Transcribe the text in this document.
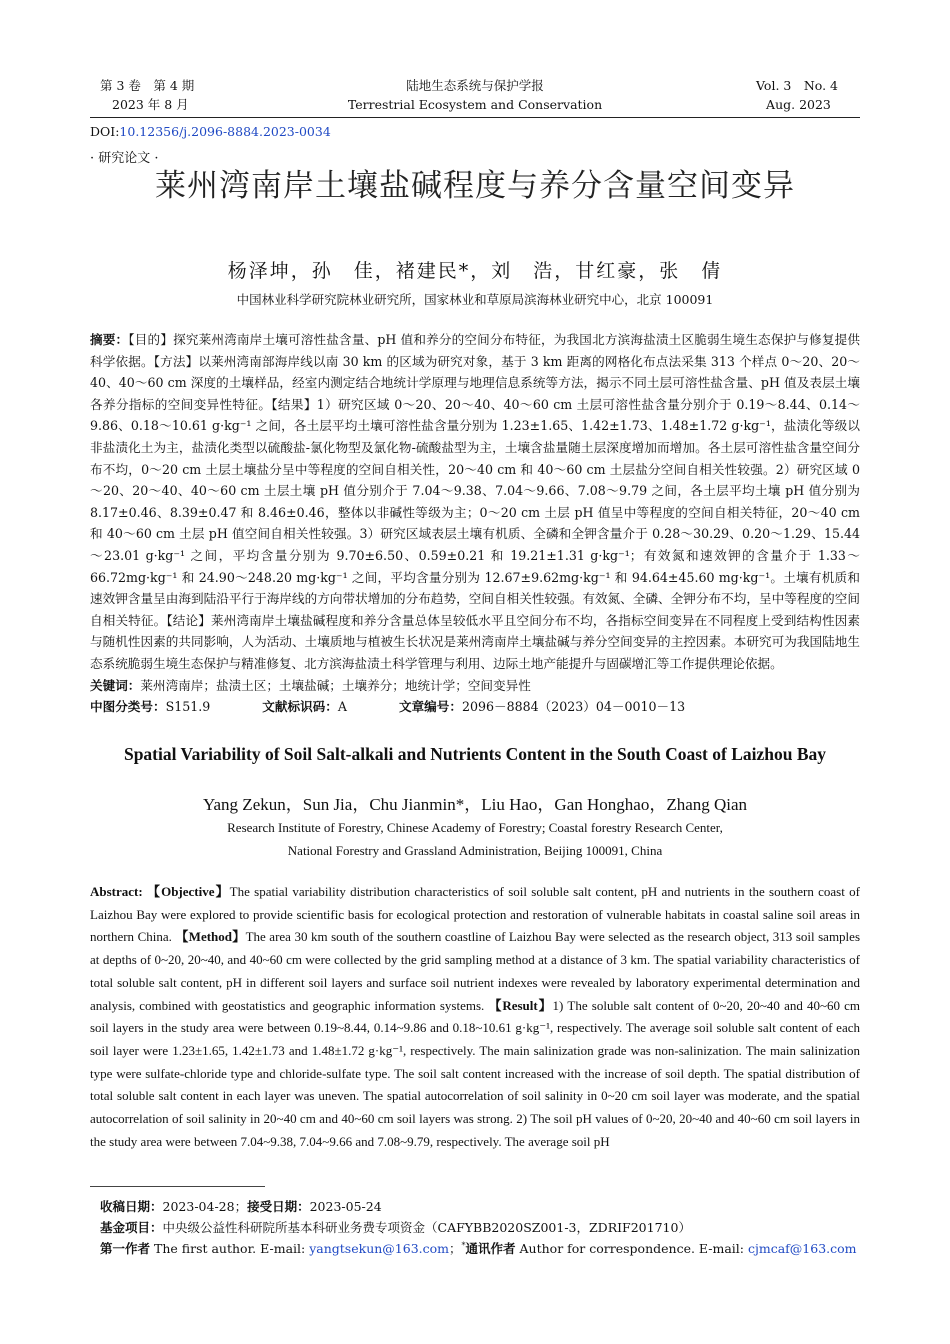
第 3 卷　第 4 期
2023 年 8 月
陆地生态系统与保护学报
Terrestrial Ecosystem and Conservation
Vol. 3　No. 4
Aug. 2023
DOI:10.12356/j.2096-8884.2023-0034
· 研究论文 ·
莱州湾南岸土壤盐碱程度与养分含量空间变异
杨泽坤，孙　佳，褚建民*，刘　浩，甘红豪，张　倩
中国林业科学研究院林业研究所，国家林业和草原局滨海林业研究中心，北京 100091

摘要：【目的】探究莱州湾南岸土壤可溶性盐含量、pH 值和养分的空间分布特征，为我国北方滨海盐渍土区脆弱生境生态保护与修复提供科学依据。【方法】以莱州湾南部海岸线以南 30 km 的区域为研究对象，基于 3 km 距离的网格化布点法采集 313 个样点 0～20、20～40、40～60 cm 深度的土壤样品，经室内测定结合地统计学原理与地理信息系统等方法，揭示不同土层可溶性盐含量、pH 值及表层土壤各养分指标的空间变异性特征。【结果】1）研究区域 0～20、20～40、40～60 cm 土层可溶性盐含量分别介于 0.19～8.44、0.14～9.86、0.18～10.61 g·kg⁻¹ 之间，各土层平均土壤可溶性盐含量分别为 1.23±1.65、1.42±1.73、1.48±1.72 g·kg⁻¹，盐渍化等级以非盐渍化土为主，盐渍化类型以硫酸盐-氯化物型及氯化物-硫酸盐型为主，土壤含盐量随土层深度增加而增加。各土层可溶性盐含量空间分布不均，0～20 cm 土层土壤盐分呈中等程度的空间自相关性，20～40 cm 和 40～60 cm 土层盐分空间自相关性较强。2）研究区域 0～20、20～40、40～60 cm 土层土壤 pH 值分别介于 7.04～9.38、7.04～9.66、7.08～9.79 之间，各土层平均土壤 pH 值分别为 8.17±0.46、8.39±0.47 和 8.46±0.46，整体以非碱性等级为主；0～20 cm 土层 pH 值呈中等程度的空间自相关特征，20～40 cm 和 40～60 cm 土层 pH 值空间自相关性较强。3）研究区域表层土壤有机质、全磷和全钾含量介于 0.28～30.29、0.20～1.29、15.44～23.01 g·kg⁻¹ 之间，平均含量分别为 9.70±6.50、0.59±0.21 和 19.21±1.31 g·kg⁻¹；有效氮和速效钾的含量介于 1.33～66.72mg·kg⁻¹ 和 24.90～248.20 mg·kg⁻¹ 之间，平均含量分别为 12.67±9.62mg·kg⁻¹ 和 94.64±45.60 mg·kg⁻¹。土壤有机质和速效钾含量呈由海到陆沿平行于海岸线的方向带状增加的分布趋势，空间自相关性较强。有效氮、全磷、全钾分布不均，呈中等程度的空间自相关特征。【结论】莱州湾南岸土壤盐碱程度和养分含量总体呈较低水平且空间分布不均，各指标空间变异在不同程度上受到结构性因素与随机性因素的共同影响，人为活动、土壤质地与植被生长状况是莱州湾南岸土壤盐碱与养分空间变异的主控因素。本研究可为我国陆地生态系统脆弱生境生态保护与精准修复、北方滨海盐渍土科学管理与利用、边际土地产能提升与固碳增汇等工作提供理论依据。

关键词：莱州湾南岸；盐渍土区；土壤盐碱；土壤养分；地统计学；空间变异性

中图分类号：S151.9	文献标识码：A	文章编号：2096－8884（2023）04－0010－13

Spatial Variability of Soil Salt-alkali and Nutrients Content in the South Coast of Laizhou Bay
Yang Zekun，Sun Jia，Chu Jianmin*，Liu Hao，Gan Honghao，Zhang Qian
Research Institute of Forestry, Chinese Academy of Forestry; Coastal forestry Research Center,
National Forestry and Grassland Administration, Beijing 100091, China
Abstract: 【Objective】The spatial variability distribution characteristics of soil soluble salt content, pH and nutrients in the southern coast of Laizhou Bay were explored to provide scientific basis for ecological protection and restoration of vulnerable habitats in coastal saline soil areas in northern China. 【Method】The area 30 km south of the southern coastline of Laizhou Bay were selected as the research object, 313 soil samples at depths of 0~20, 20~40, and 40~60 cm were collected by the grid sampling method at a distance of 3 km. The spatial variability characteristics of total soluble salt content, pH in different soil layers and surface soil nutrient indexes were revealed by laboratory experimental determination and analysis, combined with geostatistics and geographic information systems. 【Result】1) The soluble salt content of 0~20, 20~40 and 40~60 cm soil layers in the study area were between 0.19~8.44, 0.14~9.86 and 0.18~10.61 g·kg⁻¹, respectively. The average soil soluble salt content of each soil layer were 1.23±1.65, 1.42±1.73 and 1.48±1.72 g·kg⁻¹, respectively. The main salinization grade was non-salinization. The main salinization type were sulfate-chloride type and chloride-sulfate type. The soil salt content increased with the increase of soil depth. The spatial distribution of total soluble salt content in each layer was uneven. The spatial autocorrelation of soil salinity in 0~20 cm soil layer was moderate, and the spatial autocorrelation of soil salinity in 20~40 cm and 40~60 cm soil layers was strong. 2) The soil pH values of 0~20, 20~40 and 40~60 cm soil layers in the study area were between 7.04~9.38, 7.04~9.66 and 7.08~9.79, respectively. The average soil pH
收稿日期：2023-04-28；接受日期：2023-05-24
基金项目：中央级公益性科研院所基本科研业务费专项资金（CAFYBB2020SZ001-3，ZDRIF201710）
第一作者 The first author. E-mail: yangtsekun@163.com；*通讯作者 Author for correspondence. E-mail: cjmcaf@163.com
